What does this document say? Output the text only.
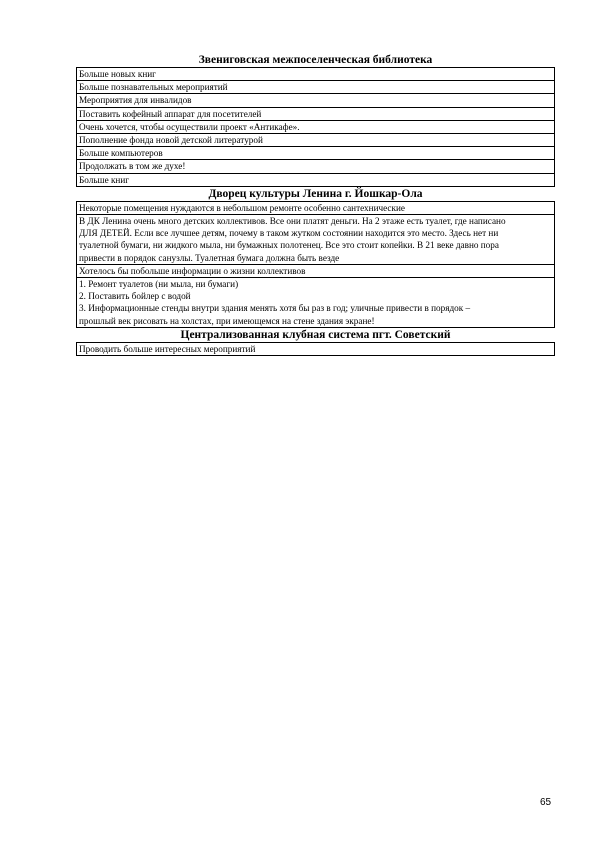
Звениговская межпоселенческая библиотека
Больше новых книг

Больше познавательных мероприятий

Мероприятия для инвалидов

Поставить кофейный аппарат для посетителей

Очень хочется, чтобы осуществили проект «Антикафе».

Пополнение фонда новой детской литературой

Больше компьютеров

Продолжать в том же духе!

Больше книг
Дворец культуры Ленина г. Йошкар-Ола
Некоторые помещения нуждаются в небольшом ремонте особенно сантехнические

В ДК Ленина очень много детских коллективов. Все они платят деньги. На 2 этаже есть туалет, где написано
ДЛЯ ДЕТЕЙ. Если все лучшее детям, почему в таком жутком состоянии находится это место. Здесь нет ни
туалетной бумаги, ни жидкого мыла, ни бумажных полотенец. Все это стоит копейки. В 21 веке давно пора
привести в порядок санузлы. Туалетная бумага должна быть везде

Хотелось бы побольше информации о жизни коллективов

1. Ремонт туалетов (ни мыла, ни бумаги)
2. Поставить бойлер с водой
3. Информационные стенды внутри здания менять хотя бы раз в год; уличные привести в порядок –
прошлый век рисовать на холстах, при имеющемся на стене здания экране!
Централизованная клубная система пгт. Советский
Проводить больше интересных мероприятий
65
